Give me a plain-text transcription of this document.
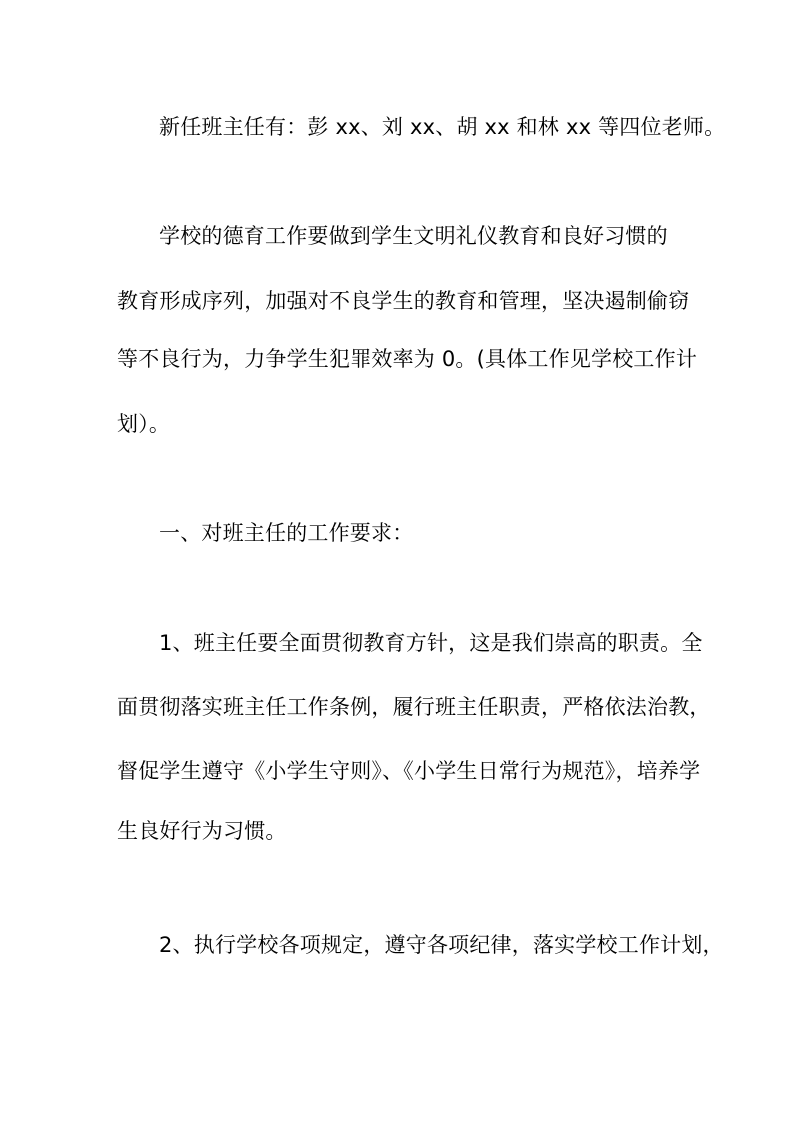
新任班主任有：彭 xx、刘 xx、胡 xx 和林 xx 等四位老师。
学校的德育工作要做到学生文明礼仪教育和良好习惯的
教育形成序列，加强对不良学生的教育和管理，坚决遏制偷窃
等不良行为，力争学生犯罪效率为 0。(具体工作见学校工作计
划）。
一、对班主任的工作要求：
1、班主任要全面贯彻教育方针，这是我们崇高的职责。全
面贯彻落实班主任工作条例，履行班主任职责，严格依法治教，
督促学生遵守《小学生守则》、《小学生日常行为规范》，培养学
生良好行为习惯。
2、执行学校各项规定，遵守各项纪律，落实学校工作计划，
